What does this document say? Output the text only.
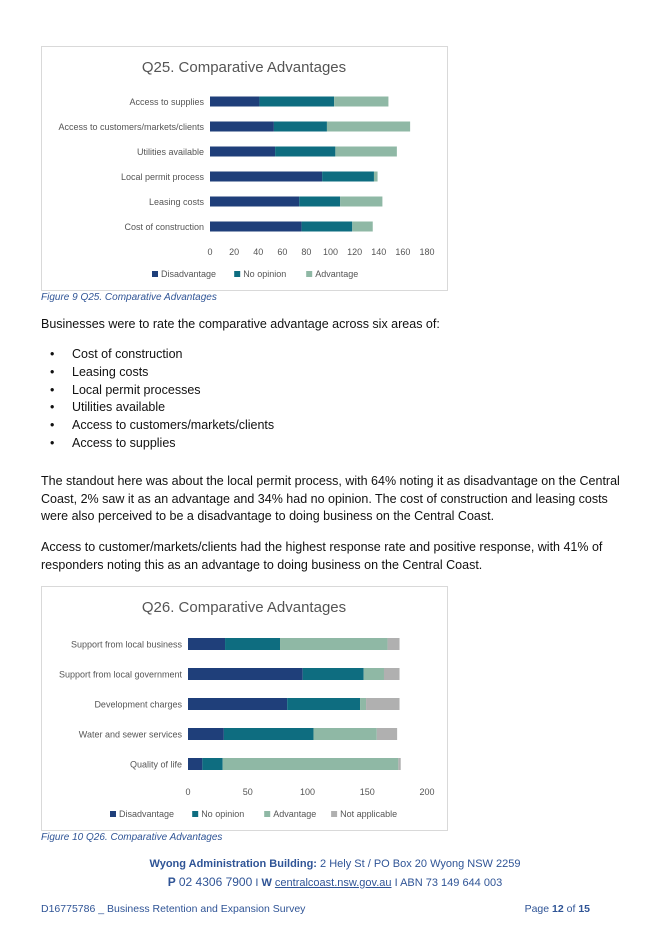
Q25. Comparative Advantages
Access to supplies
Access to customers/markets/clients
Utilities available
Local permit process
Leasing costs
Cost of construction
0 20 40 60 80 100 120 140 160 180
Disadvantage	No opinion	Advantage
Figure 9 Q25. Comparative Advantages

Businesses were to rate the comparative advantage across six areas of:

• Cost of construction
• Leasing costs
• Local permit processes
• Utilities available
• Access to customers/markets/clients
• Access to supplies

The standout here was about the local permit process, with 64% noting it as disadvantage on the Central Coast, 2% saw it as an advantage and 34% had no opinion. The cost of construction and leasing costs were also perceived to be a disadvantage to doing business on the Central Coast.

Access to customer/markets/clients had the highest response rate and positive response, with 41% of responders noting this as an advantage to doing business on the Central Coast.

Q26. Comparative Advantages
Support from local business
Support from local government
Development charges
Water and sewer services
Quality of life
0	50	100	150	200
Disadvantage	No opinion	Advantage	Not applicable
Figure 10 Q26. Comparative Advantages
Wyong Administration Building: 2 Hely St / PO Box 20 Wyong NSW 2259
P 02 4306 7900 I W centralcoast.nsw.gov.au I ABN 73 149 644 003
D16775786 _ Business Retention and Expansion Survey	Page 12 of 15
